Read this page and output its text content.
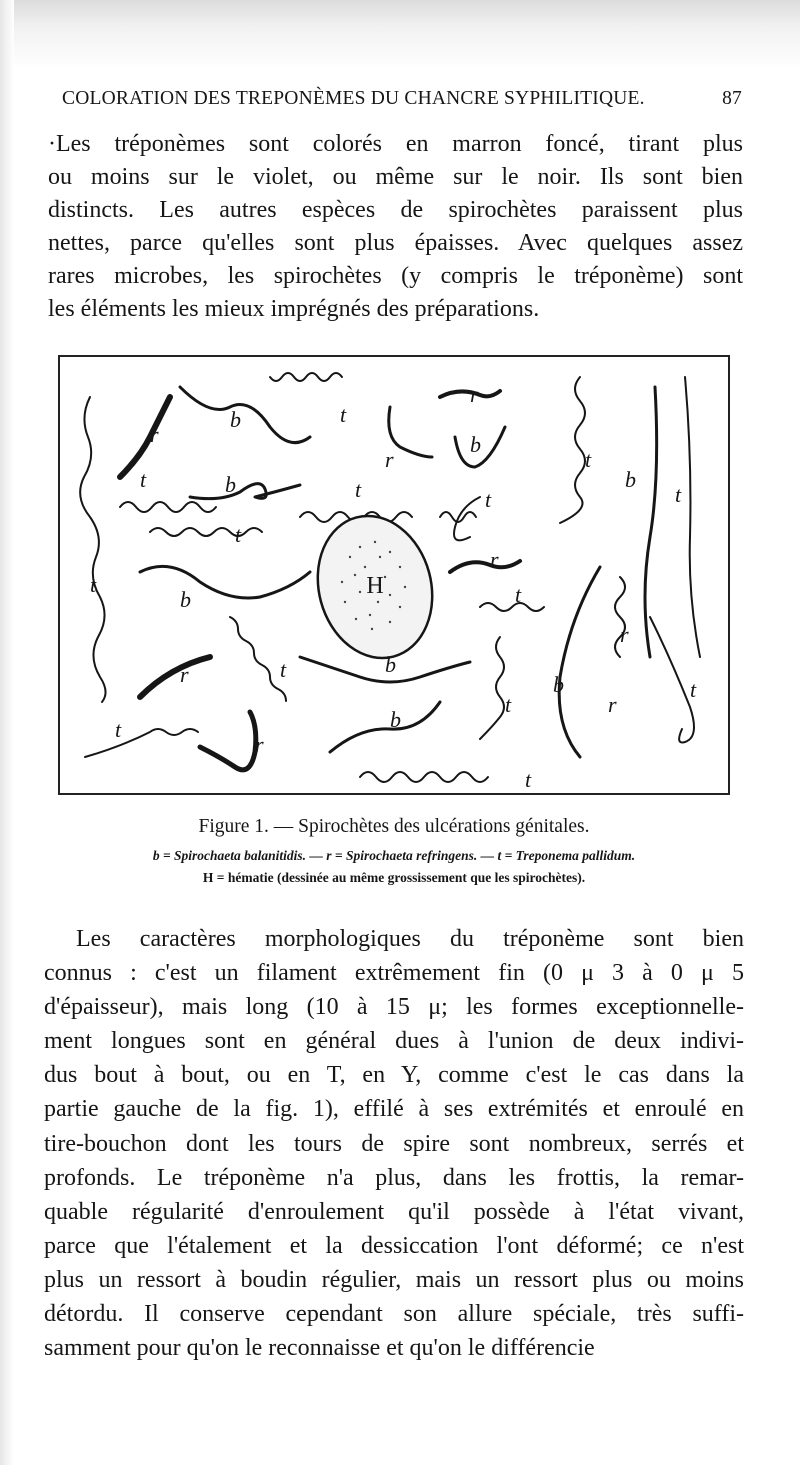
COLORATION DES TREPONÈMES DU CHANCRE SYPHILITIQUE.	87
·Les tréponèmes sont colorés en marron foncé, tirant plus
ou moins sur le violet, ou même sur le noir. Ils sont bien
distincts. Les autres espèces de spirochètes paraissent plus
nettes, parce qu'elles sont plus épaisses. Avec quelques assez
rares microbes, les spirochètes (y compris le tréponème) sont
les éléments les mieux imprégnés des préparations.
H
r
b	t
t	b	t
r
b
r
t
t
b
t
t
t
b
r
t
r	t	b
b
t
b
r
r
t
t
r
t
Figure 1. — Spirochètes des ulcérations génitales.
b = Spirochaeta balanitidis. — r = Spirochaeta refringens. — t = Treponema pallidum.
H = hématie (dessinée au même grossissement que les spirochètes).
Les caractères morphologiques du tréponème sont bien
connus : c'est un filament extrêmement fin (0 μ 3 à 0 μ 5
d'épaisseur), mais long (10 à 15 μ; les formes exceptionnelle-
ment longues sont en général dues à l'union de deux indivi-
dus bout à bout, ou en T, en Y, comme c'est le cas dans la
partie gauche de la fig. 1), effilé à ses extrémités et enroulé en
tire-bouchon dont les tours de spire sont nombreux, serrés et
profonds. Le tréponème n'a plus, dans les frottis, la remar-
quable régularité d'enroulement qu'il possède à l'état vivant,
parce que l'étalement et la dessiccation l'ont déformé; ce n'est
plus un ressort à boudin régulier, mais un ressort plus ou moins
détordu. Il conserve cependant son allure spéciale, très suffi-
samment pour qu'on le reconnaisse et qu'on le différencie
